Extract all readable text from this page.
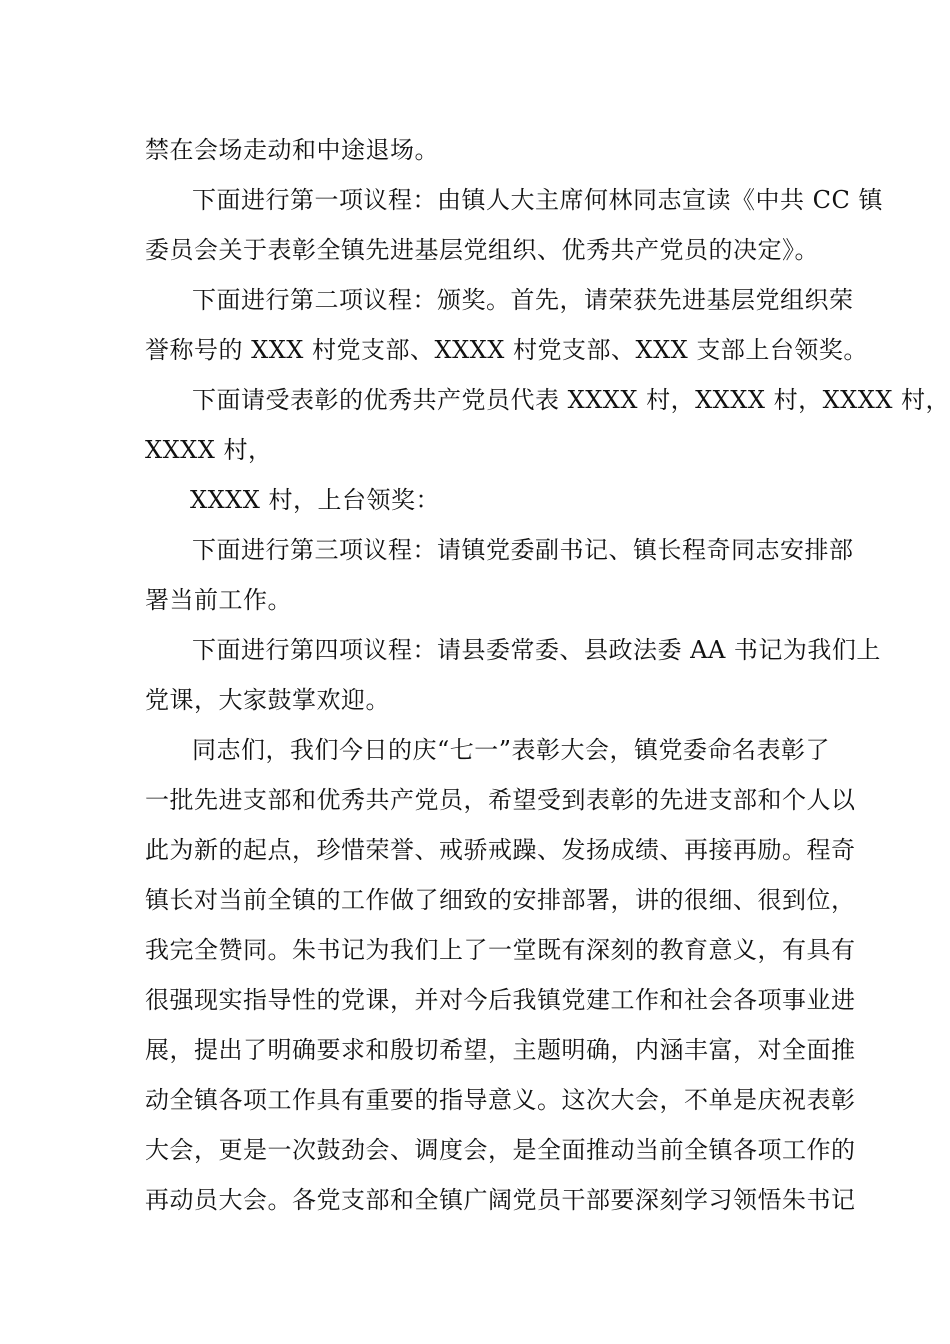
禁在会场走动和中途退场。
下面进行第一项议程：由镇人大主席何林同志宣读《中共 CC 镇
委员会关于表彰全镇先进基层党组织、优秀共产党员的决定》。
下面进行第二项议程：颁奖。首先，请荣获先进基层党组织荣
誉称号的 XXX 村党支部、XXXX 村党支部、XXX 支部上台领奖。
下面请受表彰的优秀共产党员代表 XXXX 村，XXXX 村，XXXX 村，
XXXX 村，
XXXX 村，上台领奖：
下面进行第三项议程：请镇党委副书记、镇长程奇同志安排部
署当前工作。
下面进行第四项议程：请县委常委、县政法委 AA 书记为我们上
党课，大家鼓掌欢迎。
同志们，我们今日的庆“七一”表彰大会，镇党委命名表彰了
一批先进支部和优秀共产党员，希望受到表彰的先进支部和个人以
此为新的起点，珍惜荣誉、戒骄戒躁、发扬成绩、再接再励。程奇
镇长对当前全镇的工作做了细致的安排部署，讲的很细、很到位，
我完全赞同。朱书记为我们上了一堂既有深刻的教育意义，有具有
很强现实指导性的党课，并对今后我镇党建工作和社会各项事业进
展，提出了明确要求和殷切希望，主题明确，内涵丰富，对全面推
动全镇各项工作具有重要的指导意义。这次大会，不单是庆祝表彰
大会，更是一次鼓劲会、调度会，是全面推动当前全镇各项工作的
再动员大会。各党支部和全镇广阔党员干部要深刻学习领悟朱书记
